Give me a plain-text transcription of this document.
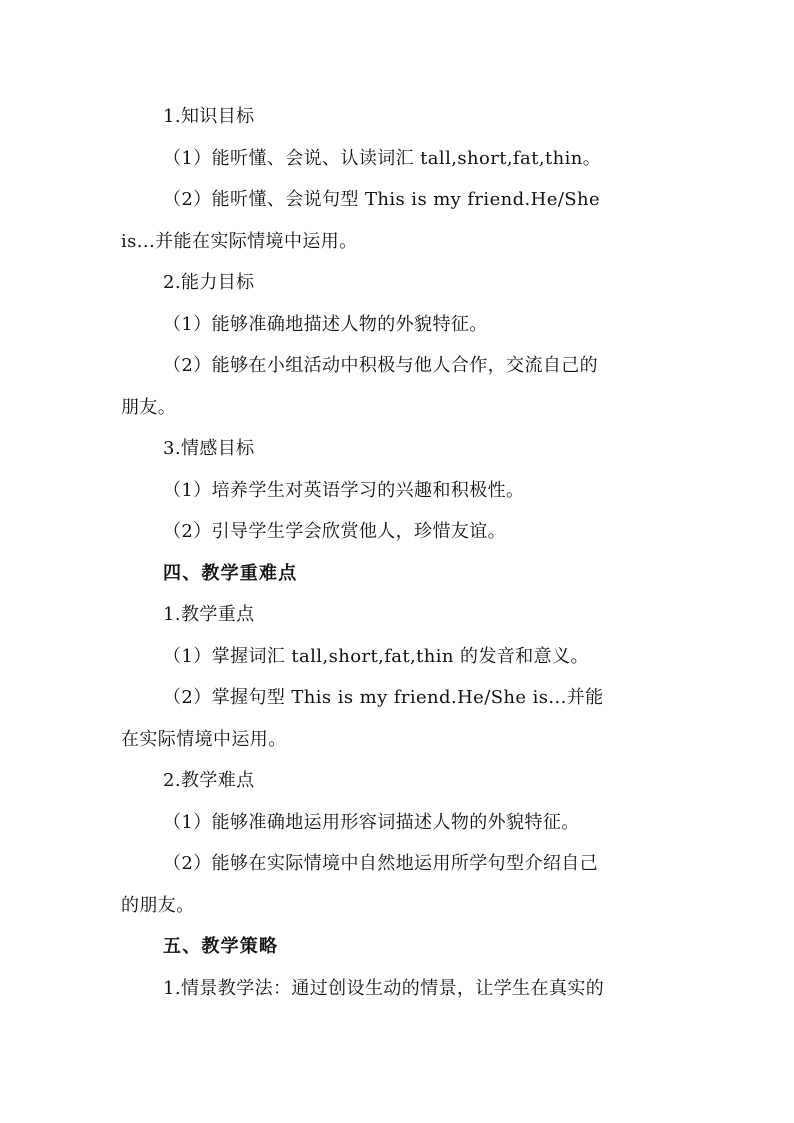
1.知识目标
（1）能听懂、会说、认读词汇 tall,short,fat,thin。
（2）能听懂、会说句型 This is my friend.He/She
is...并能在实际情境中运用。
2.能力目标
（1）能够准确地描述人物的外貌特征。
（2）能够在小组活动中积极与他人合作，交流自己的
朋友。
3.情感目标
（1）培养学生对英语学习的兴趣和积极性。
（2）引导学生学会欣赏他人，珍惜友谊。
四、教学重难点
1.教学重点
（1）掌握词汇 tall,short,fat,thin 的发音和意义。
（2）掌握句型 This is my friend.He/She is...并能
在实际情境中运用。
2.教学难点
（1）能够准确地运用形容词描述人物的外貌特征。
（2）能够在实际情境中自然地运用所学句型介绍自己
的朋友。
五、教学策略
1.情景教学法：通过创设生动的情景，让学生在真实的
